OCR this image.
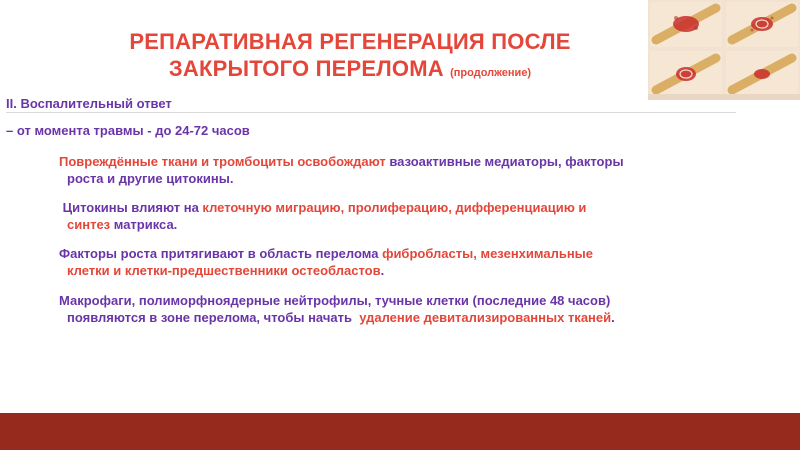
РЕПАРАТИВНАЯ РЕГЕНЕРАЦИЯ ПОСЛЕ
ЗАКРЫТОГО ПЕРЕЛОМА (продолжение)

II. Воспалительный ответ

– от момента травмы - до 24-72 часов

Повреждённые ткани и тромбоциты освобождают вазоактивные медиаторы, факторы
роста и другие цитокины.
Цитокины влияют на клеточную миграцию, пролиферацию, дифференциацию и
синтез матрикса.
Факторы роста притягивают в область перелома фибробласты, мезенхимальные
клетки и клетки-предшественники остеобластов.
Макрофаги, полиморфноядерные нейтрофилы, тучные клетки (последние 48 часов)
появляются в зоне перелома, чтобы начать  удаление девитализированных тканей.
